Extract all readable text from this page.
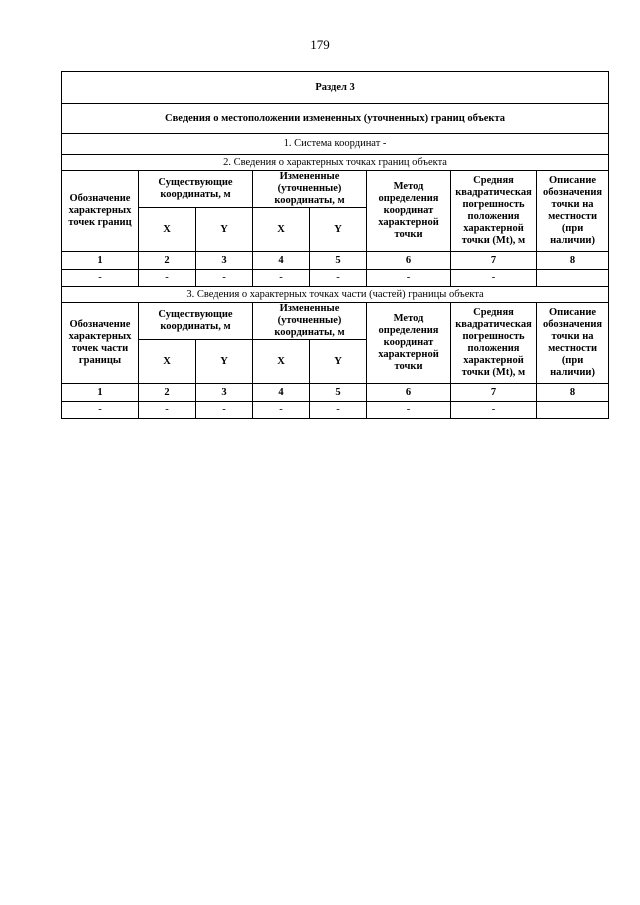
179
Раздел 3							
Сведения о местоположении измененных (уточненных) границ объекта							
1. Система координат -							
2. Сведения о характерных точках границ объекта							
Обозначение характерных точек границ	Существующие координаты, м		Измененные (уточненные) координаты, м		Метод определения координат характерной точки	Средняя квадратическая погрешность положения характерной точки (Mt), м	Описание обозначения точки на местности (при наличии)
	X	Y	X	Y			
1	2	3	4	5	6	7	8
-	-	-	-	-	-	-	
3. Сведения о характерных точках части (частей) границы объекта							
Обозначение характерных точек части границы	Существующие координаты, м		Измененные (уточненные) координаты, м		Метод определения координат характерной точки	Средняя квадратическая погрешность положения характерной точки (Mt), м	Описание обозначения точки на местности (при наличии)
	X	Y	X	Y			
1	2	3	4	5	6	7	8
-	-	-	-	-	-	-	
